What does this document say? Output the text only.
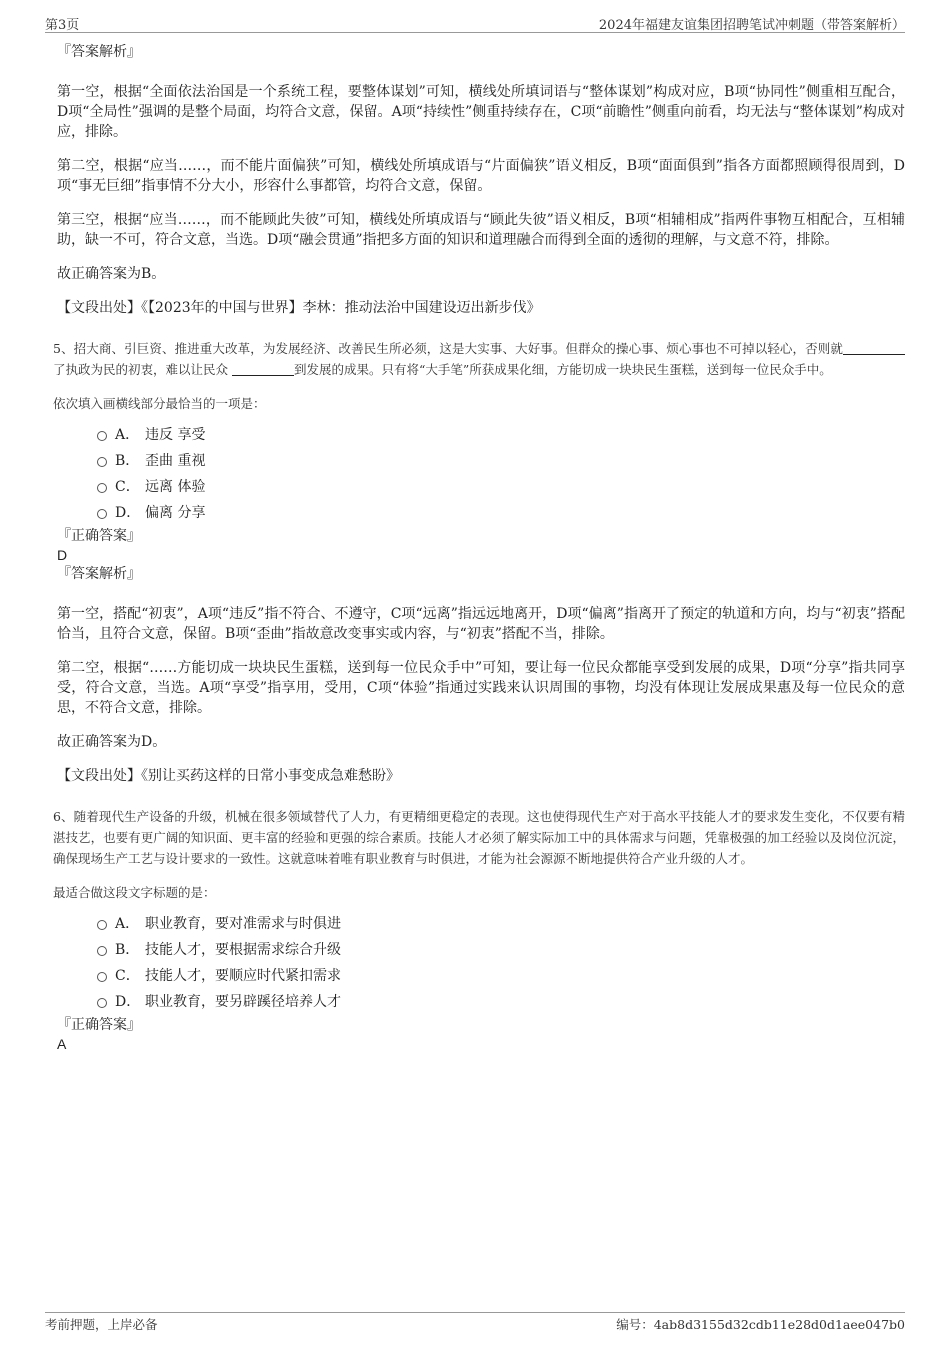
第3页	2024年福建友谊集团招聘笔试冲刺题（带答案解析）
『答案解析』
第一空，根据“全面依法治国是一个系统工程，要整体谋划”可知，横线处所填词语与“整体谋划”构成对应，B项“协同性”侧重相互配合，D项“全局性”强调的是整个局面，均符合文意，保留。A项“持续性”侧重持续存在，C项“前瞻性”侧重向前看，均无法与“整体谋划”构成对应，排除。
第二空，根据“应当……，而不能片面偏狭”可知，横线处所填成语与“片面偏狭”语义相反，B项“面面俱到”指各方面都照顾得很周到，D项“事无巨细”指事情不分大小，形容什么事都管，均符合文意，保留。
第三空，根据“应当……，而不能顾此失彼”可知，横线处所填成语与“顾此失彼”语义相反，B项“相辅相成”指两件事物互相配合，互相辅助，缺一不可，符合文意，当选。D项“融会贯通”指把多方面的知识和道理融合而得到全面的透彻的理解，与文意不符，排除。
故正确答案为B。
【文段出处】《【2023年的中国与世界】李林：推动法治中国建设迈出新步伐》
5、招大商、引巨资、推进重大改革，为发展经济、改善民生所必须，这是大实事、大好事。但群众的操心事、烦心事也不可掉以轻心，否则就了执政为民的初衷，难以让民众	到发展的成果。只有将“大手笔”所获成果化细，方能切成一块块民生蛋糕，送到每一位民众手中。
依次填入画横线部分最恰当的一项是：
A． 违反 享受
B． 歪曲 重视
C． 远离 体验
D． 偏离 分享
『正确答案』
D
『答案解析』
第一空，搭配“初衷”，A项“违反”指不符合、不遵守，C项“远离”指远远地离开，D项“偏离”指离开了预定的轨道和方向，均与“初衷”搭配恰当，且符合文意，保留。B项“歪曲”指故意改变事实或内容，与“初衷”搭配不当，排除。
第二空，根据“……方能切成一块块民生蛋糕，送到每一位民众手中”可知，要让每一位民众都能享受到发展的成果，D项“分享”指共同享受，符合文意，当选。A项“享受”指享用，受用，C项“体验”指通过实践来认识周围的事物，均没有体现让发展成果惠及每一位民众的意思，不符合文意，排除。
故正确答案为D。
【文段出处】《别让买药这样的日常小事变成急难愁盼》
6、随着现代生产设备的升级，机械在很多领域替代了人力，有更精细更稳定的表现。这也使得现代生产对于高水平技能人才的要求发生变化，不仅要有精湛技艺，也要有更广阔的知识面、更丰富的经验和更强的综合素质。技能人才必须了解实际加工中的具体需求与问题，凭靠极强的加工经验以及岗位沉淀，确保现场生产工艺与设计要求的一致性。这就意味着唯有职业教育与时俱进，才能为社会源源不断地提供符合产业升级的人才。
最适合做这段文字标题的是：
A． 职业教育，要对准需求与时俱进
B． 技能人才，要根据需求综合升级
C． 技能人才，要顺应时代紧扣需求
D． 职业教育，要另辟蹊径培养人才
『正确答案』
A
考前押题，上岸必备	编号：4ab8d3155d32cdb11e28d0d1aee047b0
